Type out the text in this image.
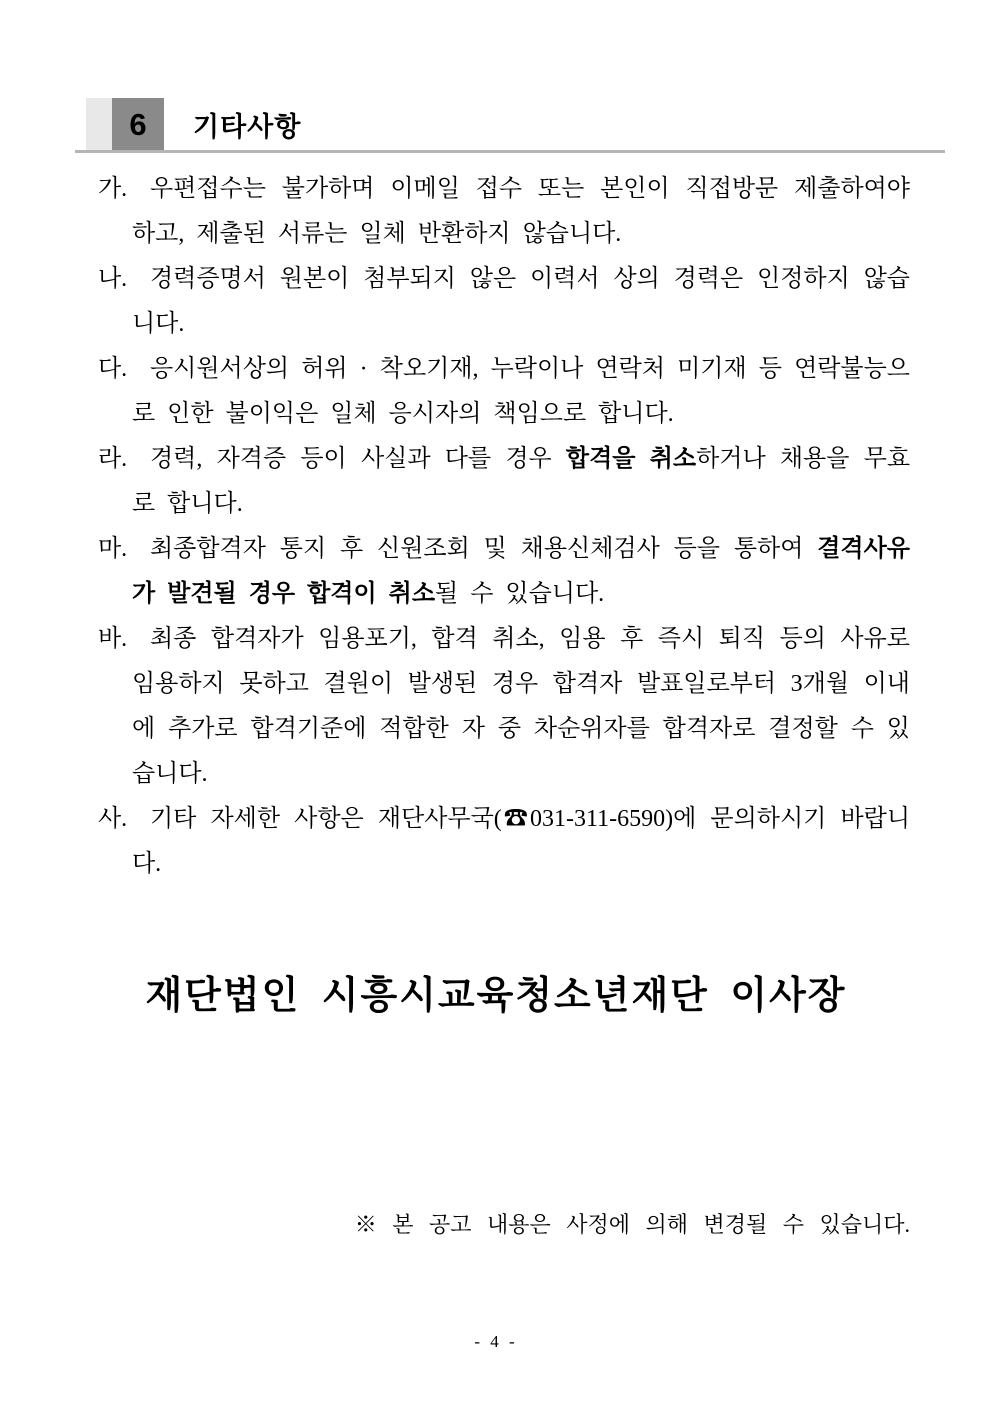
6 기타사항
가. 우편접수는 불가하며 이메일 접수 또는 본인이 직접방문 제출하여야 하고, 제출된 서류는 일체 반환하지 않습니다.
나. 경력증명서 원본이 첨부되지 않은 이력서 상의 경력은 인정하지 않습니다.
다. 응시원서상의 허위 · 착오기재, 누락이나 연락처 미기재 등 연락불능으로 인한 불이익은 일체 응시자의 책임으로 합니다.
라. 경력, 자격증 등이 사실과 다를 경우 합격을 취소하거나 채용을 무효로 합니다.
마. 최종합격자 통지 후 신원조회 및 채용신체검사 등을 통하여 결격사유가 발견될 경우 합격이 취소될 수 있습니다.
바. 최종 합격자가 임용포기, 합격 취소, 임용 후 즉시 퇴직 등의 사유로 임용하지 못하고 결원이 발생된 경우 합격자 발표일로부터 3개월 이내에 추가로 합격기준에 적합한 자 중 차순위자를 합격자로 결정할 수 있습니다.
사. 기타 자세한 사항은 재단사무국(☎031-311-6590)에 문의하시기 바랍니다.
재단법인 시흥시교육청소년재단 이사장
※ 본 공고 내용은 사정에 의해 변경될 수 있습니다.
- 4 -
